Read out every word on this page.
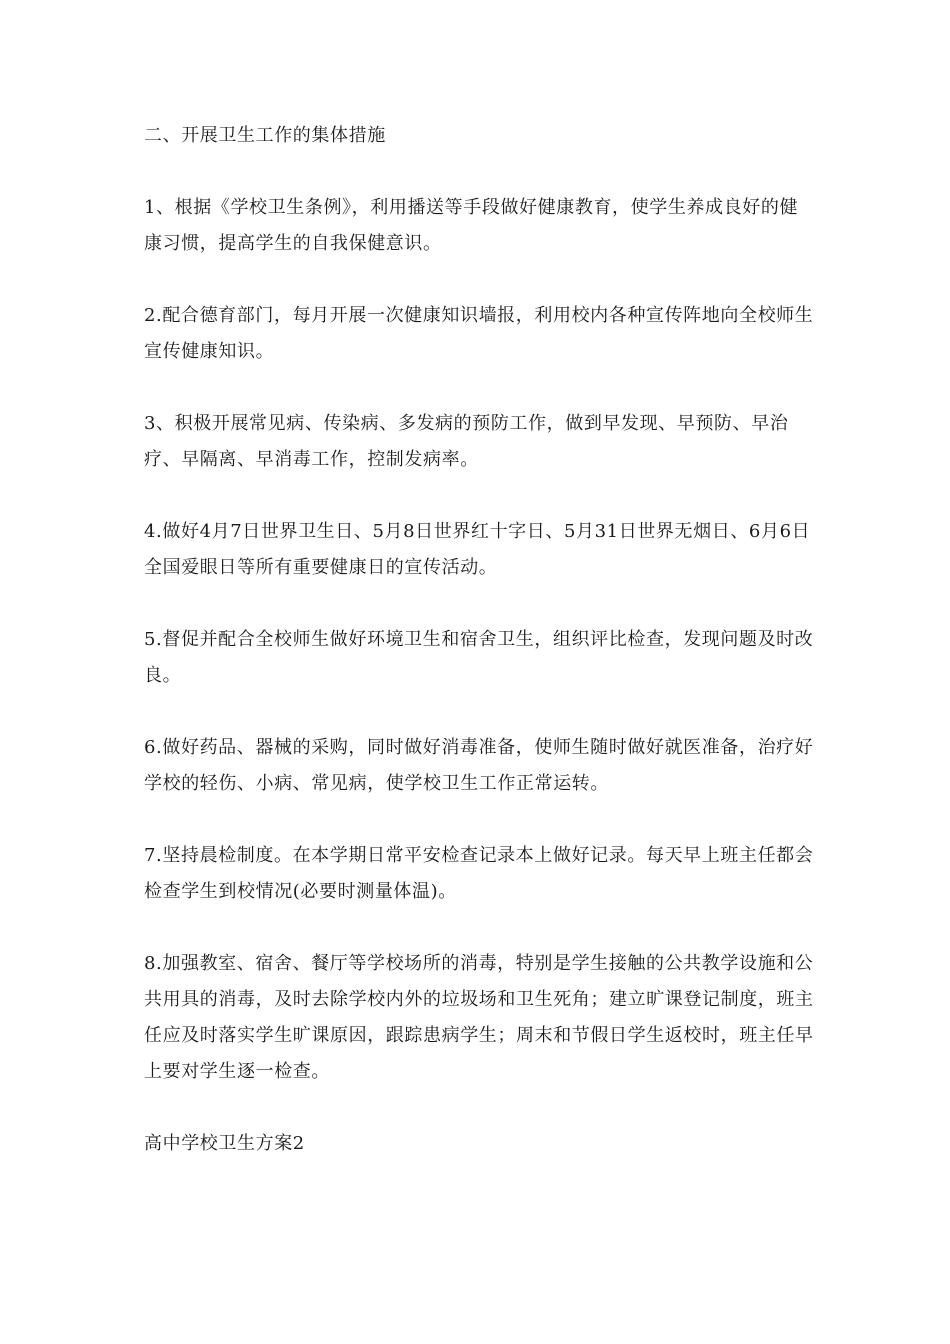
二、开展卫生工作的集体措施

1、根据《学校卫生条例》，利用播送等手段做好健康教育，使学生养成良好的健康习惯，提高学生的自我保健意识。

2.配合德育部门，每月开展一次健康知识墙报，利用校内各种宣传阵地向全校师生宣传健康知识。

3、积极开展常见病、传染病、多发病的预防工作，做到早发现、早预防、早治疗、早隔离、早消毒工作，控制发病率。

4.做好4月7日世界卫生日、5月8日世界红十字日、5月31日世界无烟日、6月6日全国爱眼日等所有重要健康日的宣传活动。

5.督促并配合全校师生做好环境卫生和宿舍卫生，组织评比检查，发现问题及时改良。

6.做好药品、器械的采购，同时做好消毒准备，使师生随时做好就医准备，治疗好学校的轻伤、小病、常见病，使学校卫生工作正常运转。

7.坚持晨检制度。在本学期日常平安检查记录本上做好记录。每天早上班主任都会检查学生到校情况(必要时测量体温)。

8.加强教室、宿舍、餐厅等学校场所的消毒，特别是学生接触的公共教学设施和公共用具的消毒，及时去除学校内外的垃圾场和卫生死角；建立旷课登记制度，班主任应及时落实学生旷课原因，跟踪患病学生；周末和节假日学生返校时，班主任早上要对学生逐一检查。

高中学校卫生方案2
